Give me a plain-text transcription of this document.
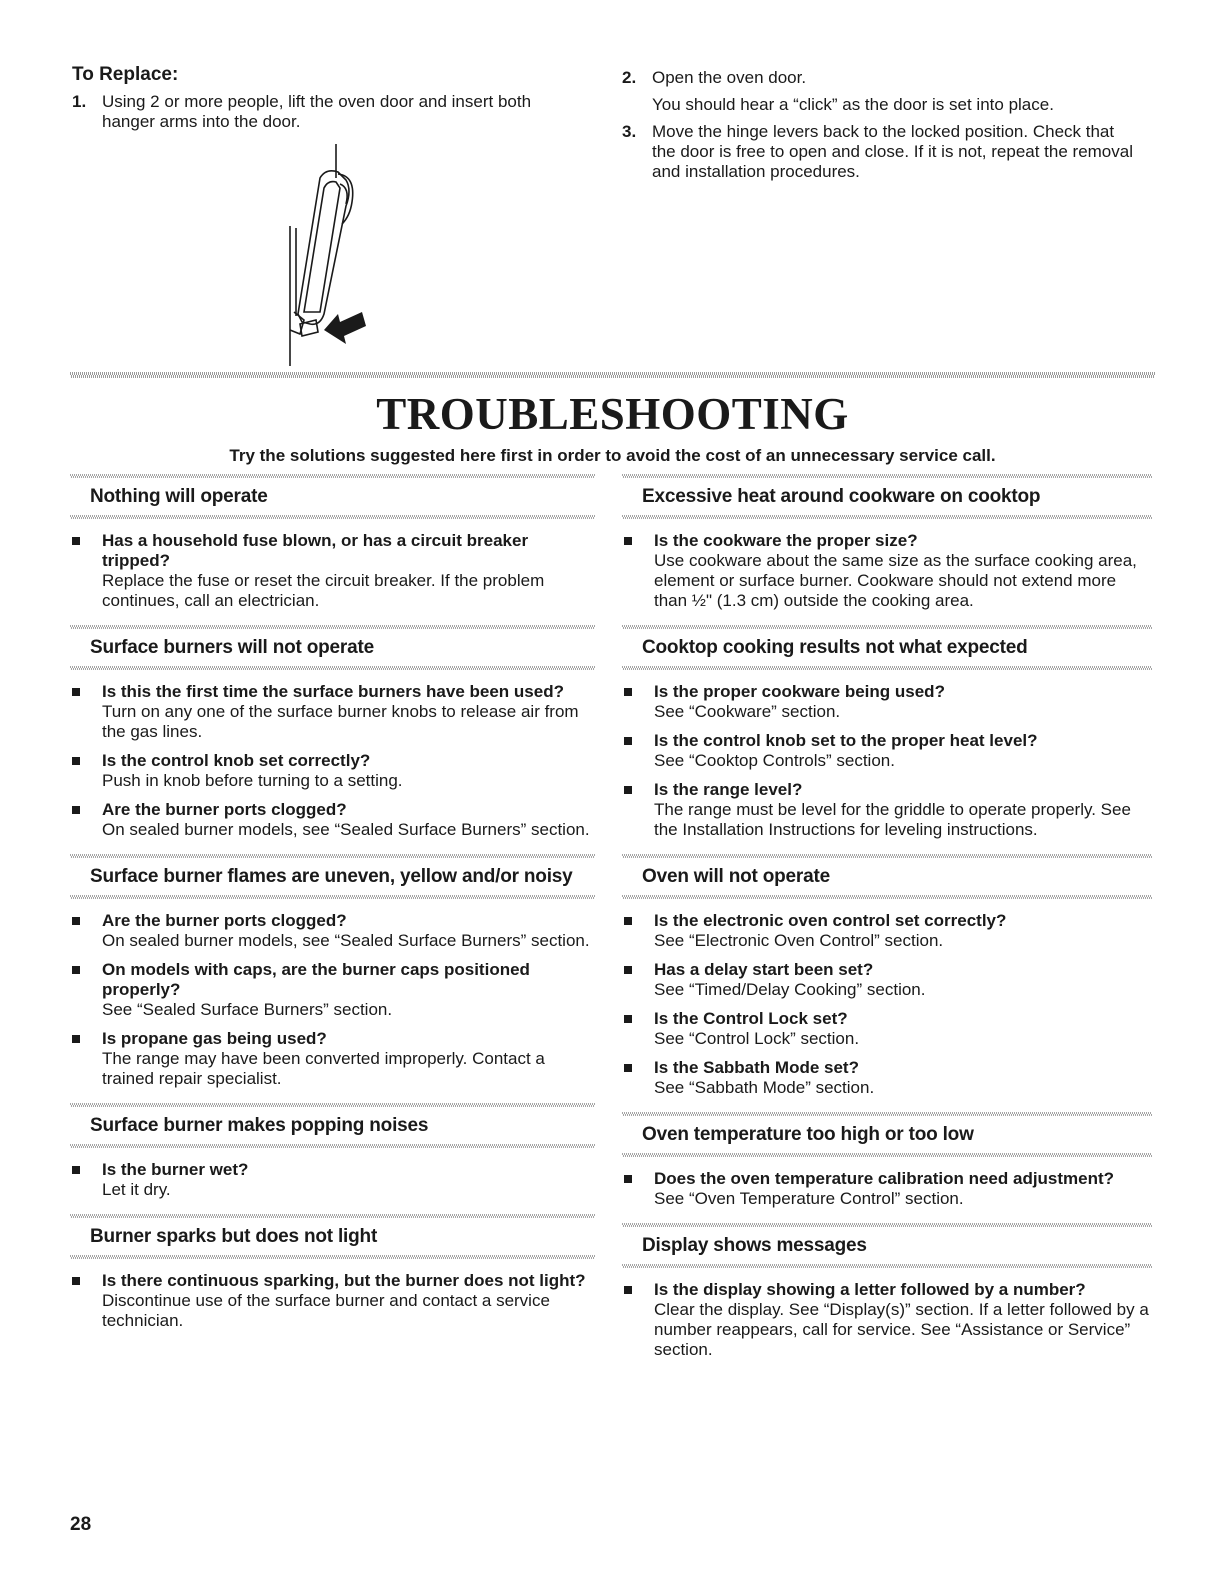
To Replace:
1. Using 2 or more people, lift the oven door and insert both hanger arms into the door.

2. Open the oven door.

You should hear a “click” as the door is set into place.

3. Move the hinge levers back to the locked position. Check that the door is free to open and close. If it is not, repeat the removal and installation procedures.

TROUBLESHOOTING
Try the solutions suggested here first in order to avoid the cost of an unnecessary service call.
Nothing will operate
Has a household fuse blown, or has a circuit breaker tripped?
Replace the fuse or reset the circuit breaker. If the problem continues, call an electrician.
Surface burners will not operate
Is this the first time the surface burners have been used?
Turn on any one of the surface burner knobs to release air from the gas lines.
Is the control knob set correctly?
Push in knob before turning to a setting.
Are the burner ports clogged?
On sealed burner models, see “Sealed Surface Burners” section.
Surface burner flames are uneven, yellow and/or noisy
Are the burner ports clogged?
On sealed burner models, see “Sealed Surface Burners” section.
On models with caps, are the burner caps positioned properly?
See “Sealed Surface Burners” section.
Is propane gas being used?
The range may have been converted improperly. Contact a trained repair specialist.
Surface burner makes popping noises
Is the burner wet?
Let it dry.
Burner sparks but does not light
Is there continuous sparking, but the burner does not light?
Discontinue use of the surface burner and contact a service technician.
Excessive heat around cookware on cooktop
Is the cookware the proper size?
Use cookware about the same size as the surface cooking area, element or surface burner. Cookware should not extend more than ½" (1.3 cm) outside the cooking area.
Cooktop cooking results not what expected
Is the proper cookware being used?
See “Cookware” section.
Is the control knob set to the proper heat level?
See “Cooktop Controls” section.
Is the range level?
The range must be level for the griddle to operate properly. See the Installation Instructions for leveling instructions.
Oven will not operate
Is the electronic oven control set correctly?
See “Electronic Oven Control” section.
Has a delay start been set?
See “Timed/Delay Cooking” section.
Is the Control Lock set?
See “Control Lock” section.
Is the Sabbath Mode set?
See “Sabbath Mode” section.
Oven temperature too high or too low
Does the oven temperature calibration need adjustment?
See “Oven Temperature Control” section.
Display shows messages
Is the display showing a letter followed by a number?
Clear the display. See “Display(s)” section. If a letter followed by a number reappears, call for service. See “Assistance or Service” section.
28
